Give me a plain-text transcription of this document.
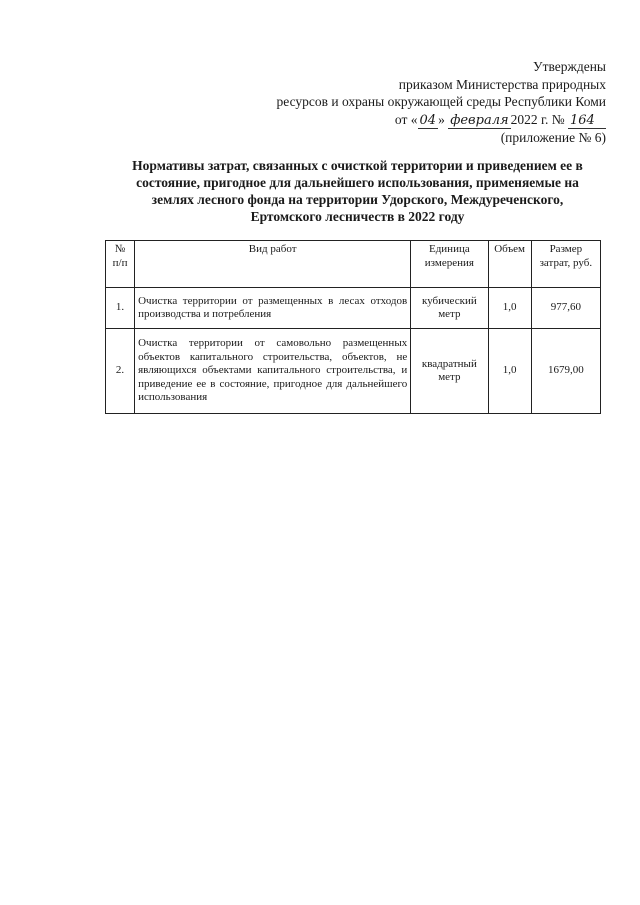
Утверждены
приказом Министерства природных
ресурсов и охраны окружающей среды Республики Коми
от « 04 » февраля 2022 г. № 164
(приложение № 6)
Нормативы затрат, связанных с очисткой территории и приведением ее в
состояние, пригодное для дальнейшего использования, применяемые на
землях лесного фонда на территории Удорского, Междуреченского,
Ертомского лесничеств в 2022 году
№ п/п	Вид работ	Единица измерения	Объем	Размер затрат, руб.
1.	Очистка территории от размещенных в лесах отходов производства и потребления	кубический метр	1,0	977,60
2.	Очистка территории от самовольно размещенных объектов капитального строительства, объектов, не являющихся объектами капитального строительства, и приведение ее в состояние, пригодное для дальнейшего использования	квадратный метр	1,0	1679,00
